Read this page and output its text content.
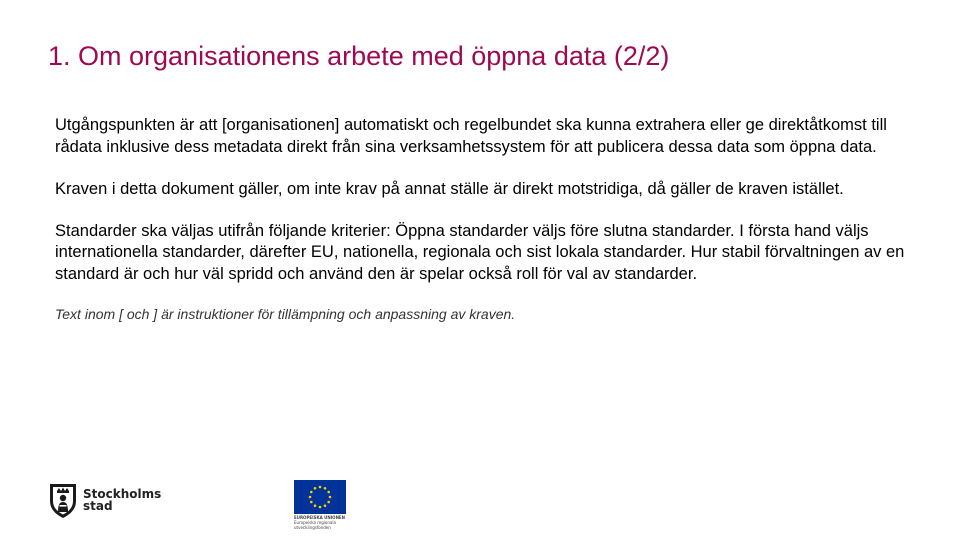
1. Om organisationens arbete med öppna data (2/2)

Utgångspunkten är att [organisationen] automatiskt och regelbundet ska kunna extrahera eller ge direktåtkomst till rådata inklusive dess metadata direkt från sina verksamhetssystem för att publicera dessa data som öppna data.

Kraven i detta dokument gäller, om inte krav på annat ställe är direkt motstridiga, då gäller de kraven istället.

Standarder ska väljas utifrån följande kriterier: Öppna standarder väljs före slutna standarder. I första hand väljs internationella standarder, därefter EU, nationella, regionala och sist lokala standarder. Hur stabil förvaltningen av en standard är och hur väl spridd och använd den är spelar också roll för val av standarder.

Text inom [ och ] är instruktioner för tillämpning och anpassning av kraven.

Stockholms
stad
EUROPEISKA UNIONEN
Europeiska regionala
utvecklingsfonden
